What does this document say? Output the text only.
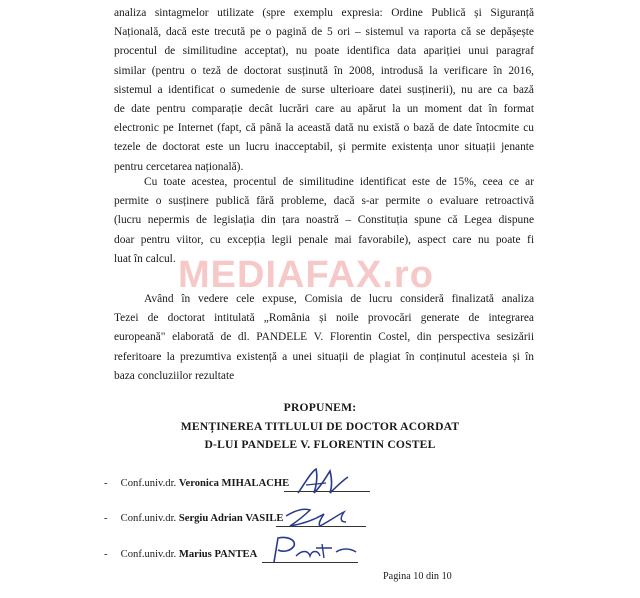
analiza sintagmelor utilizate (spre exemplu expresia: Ordine Publică și Siguranță
Națională, dacă este trecută pe o pagină de 5 ori – sistemul va raporta că se depășește
procentul de similitudine acceptat), nu poate identifica data apariției unui paragraf
similar (pentru o teză de doctorat susținută în 2008, introdusă la verificare în 2016,
sistemul a identificat o sumedenie de surse ulterioare datei susținerii), nu are ca bază
de date pentru comparație decât lucrări care au apărut la un moment dat în format
electronic pe Internet (fapt, că până la această dată nu există o bază de date întocmite cu
tezele de doctorat este un lucru inacceptabil, și permite existența unor situații jenante
pentru cercetarea națională).

Cu toate acestea, procentul de similitudine identificat este de 15%, ceea ce ar
permite o susținere publică fără probleme, dacă s-ar permite o evaluare retroactivă
(lucru nepermis de legislația din țara noastră – Constituția spune că Legea dispune
doar pentru viitor, cu excepția legii penale mai favorabile), aspect care nu poate fi
luat în calcul. MEDIAFAX.ro

Având în vedere cele expuse, Comisia de lucru consideră finalizată analiza
Tezei de doctorat intitulată „România și noile provocări generate de integrarea
europeană" elaborată de dl. PANDELE V. Florentin Costel, din perspectiva sesizării
referitoare la prezumtiva existență a unei situații de plagiat în conținutul acesteia și în
baza concluziilor rezultate

PROPUNEM:

MENȚINEREA TITLULUI DE DOCTOR ACORDAT

D-LUI PANDELE V. FLORENTIN COSTEL

- Conf.univ.dr. Veronica MIHALACHE
- Conf.univ.dr. Sergiu Adrian VASILE
- Conf.univ.dr. Marius PANTEA
Pagina 10 din 10
